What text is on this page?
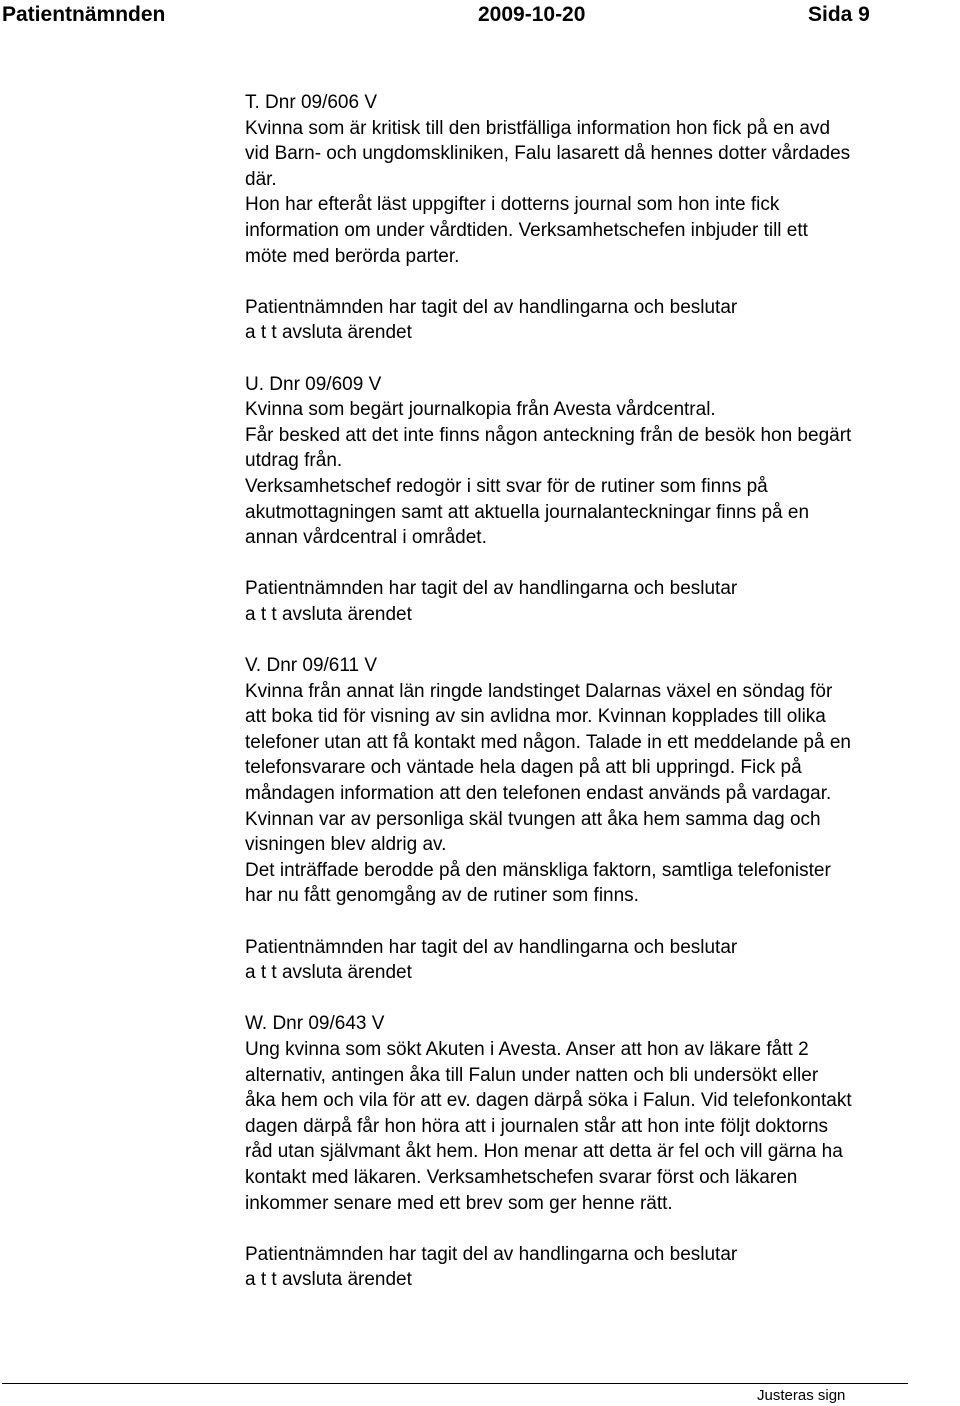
Patientnämnden	2009-10-20	Sida 9

T. Dnr 09/606 V

Kvinna som är kritisk till den bristfälliga information hon fick på en avd

vid Barn- och ungdomskliniken, Falu lasarett då hennes dotter vårdades

där.

Hon har efteråt läst uppgifter i dotterns journal som hon inte fick

information om under vårdtiden. Verksamhetschefen inbjuder till ett

möte med berörda parter.

Patientnämnden har tagit del av handlingarna och beslutar

a t t avsluta ärendet

U. Dnr 09/609 V

Kvinna som begärt journalkopia från Avesta vårdcentral.

Får besked att det inte finns någon anteckning från de besök hon begärt

utdrag från.

Verksamhetschef redogör i sitt svar för de rutiner som finns på

akutmottagningen samt att aktuella journalanteckningar finns på en

annan vårdcentral i området.

Patientnämnden har tagit del av handlingarna och beslutar

a t t avsluta ärendet

V. Dnr 09/611 V

Kvinna från annat län ringde landstinget Dalarnas växel en söndag för

att boka tid för visning av sin avlidna mor. Kvinnan kopplades till olika

telefoner utan att få kontakt med någon. Talade in ett meddelande på en

telefonsvarare och väntade hela dagen på att bli uppringd. Fick på

måndagen information att den telefonen endast används på vardagar.

Kvinnan var av personliga skäl tvungen att åka hem samma dag och

visningen blev aldrig av.

Det inträffade berodde på den mänskliga faktorn, samtliga telefonister

har nu fått genomgång av de rutiner som finns.

Patientnämnden har tagit del av handlingarna och beslutar

a t t avsluta ärendet

W. Dnr 09/643 V

Ung kvinna som sökt Akuten i Avesta. Anser att hon av läkare fått 2

alternativ, antingen åka till Falun under natten och bli undersökt eller

åka hem och vila för att ev. dagen därpå söka i Falun. Vid telefonkontakt

dagen därpå får hon höra att i journalen står att hon inte följt doktorns

råd utan självmant åkt hem. Hon menar att detta är fel och vill gärna ha

kontakt med läkaren. Verksamhetschefen svarar först och läkaren

inkommer senare med ett brev som ger henne rätt.

Patientnämnden har tagit del av handlingarna och beslutar

a t t avsluta ärendet

Justeras sign
